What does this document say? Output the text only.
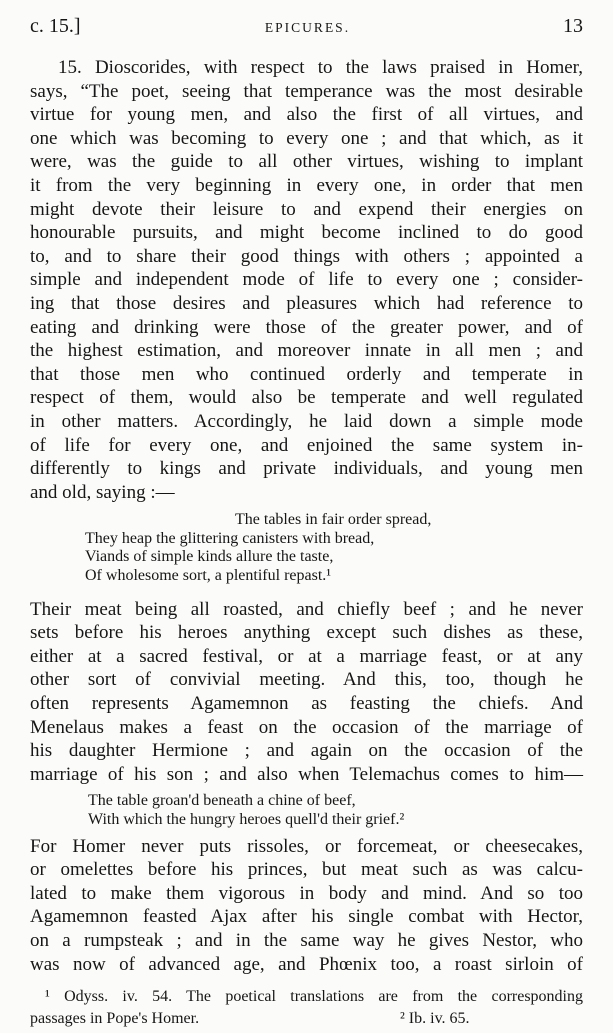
c. 15.]	EPICURES.	13
15. Dioscorides, with respect to the laws praised in Homer,
says, “The poet, seeing that temperance was the most desirable
virtue for young men, and also the first of all virtues, and
one which was becoming to every one ; and that which, as it
were, was the guide to all other virtues, wishing to implant
it from the very beginning in every one, in order that men
might devote their leisure to and expend their energies on
honourable pursuits, and might become inclined to do good
to, and to share their good things with others ; appointed a
simple and independent mode of life to every one ; consider-
ing that those desires and pleasures which had reference to
eating and drinking were those of the greater power, and of
the highest estimation, and moreover innate in all men ; and
that those men who continued orderly and temperate in
respect of them, would also be temperate and well regulated
in other matters. Accordingly, he laid down a simple mode
of life for every one, and enjoined the same system in-
differently to kings and private individuals, and young men
and old, saying :—
The tables in fair order spread,
They heap the glittering canisters with bread,
Viands of simple kinds allure the taste,
Of wholesome sort, a plentiful repast.¹
Their meat being all roasted, and chiefly beef ; and he never
sets before his heroes anything except such dishes as these,
either at a sacred festival, or at a marriage feast, or at any
other sort of convivial meeting. And this, too, though he
often represents Agamemnon as feasting the chiefs. And
Menelaus makes a feast on the occasion of the marriage of
his daughter Hermione ; and again on the occasion of the
marriage of his son ; and also when Telemachus comes to him—
The table groan'd beneath a chine of beef,
With which the hungry heroes quell'd their grief.²
For Homer never puts rissoles, or forcemeat, or cheesecakes,
or omelettes before his princes, but meat such as was calcu-
lated to make them vigorous in body and mind. And so too
Agamemnon feasted Ajax after his single combat with Hector,
on a rumpsteak ; and in the same way he gives Nestor, who
was now of advanced age, and Phœnix too, a roast sirloin of
¹ Odyss. iv. 54. The poetical translations are from the corresponding
passages in Pope's Homer.	² Ib. iv. 65.
